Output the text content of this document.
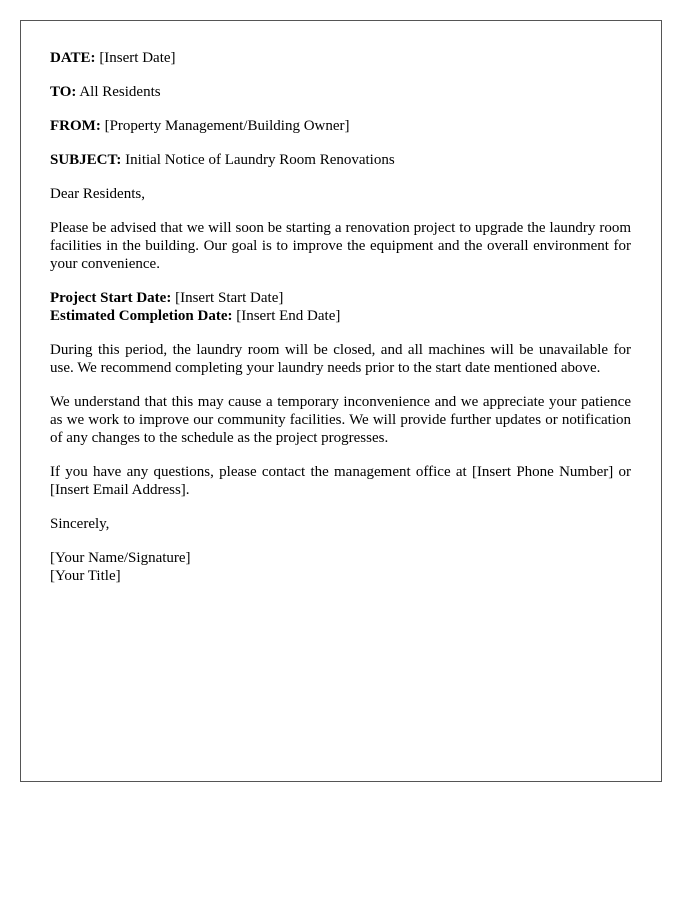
DATE: [Insert Date]

TO: All Residents

FROM: [Property Management/Building Owner]

SUBJECT: Initial Notice of Laundry Room Renovations

Dear Residents,

Please be advised that we will soon be starting a renovation project to upgrade the laundry room facilities in the building. Our goal is to improve the equipment and the overall environment for your convenience.

Project Start Date: [Insert Start Date]

Estimated Completion Date: [Insert End Date]

During this period, the laundry room will be closed, and all machines will be unavailable for use. We recommend completing your laundry needs prior to the start date mentioned above.

We understand that this may cause a temporary inconvenience and we appreciate your patience as we work to improve our community facilities. We will provide further updates or notification of any changes to the schedule as the project progresses.

If you have any questions, please contact the management office at [Insert Phone Number] or [Insert Email Address].

Sincerely,

[Your Name/Signature]

[Your Title]
